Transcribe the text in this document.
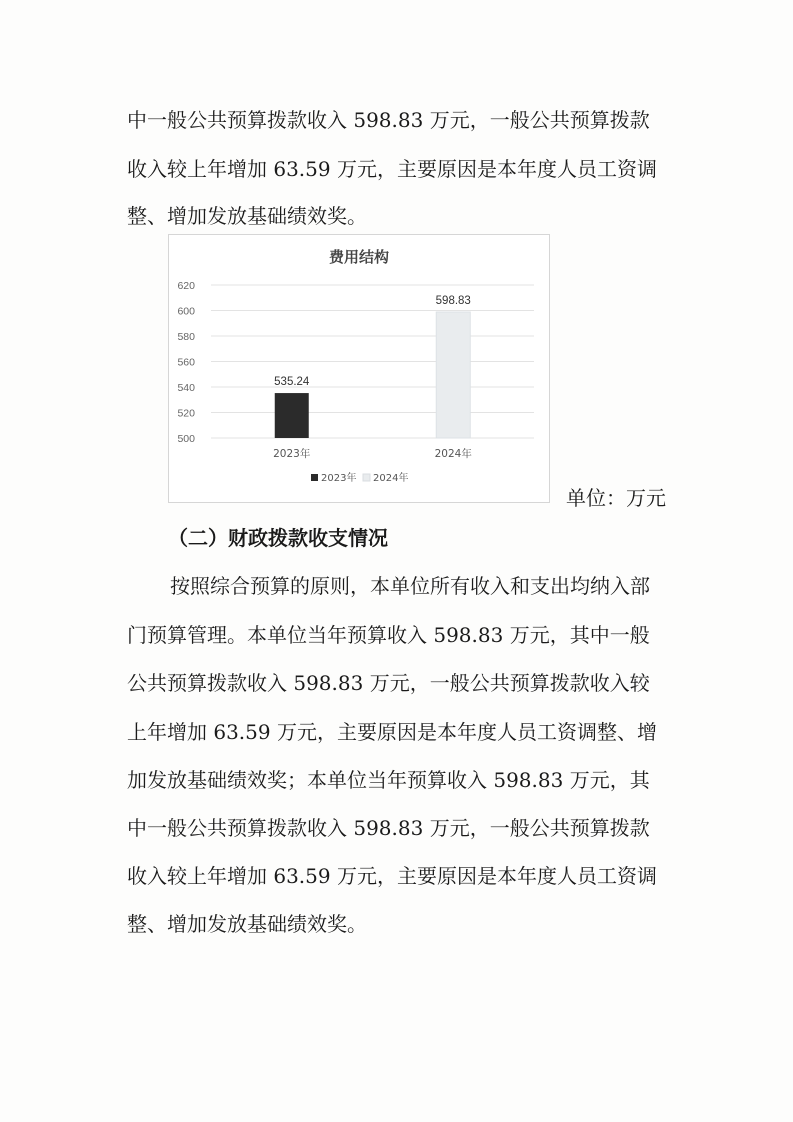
中一般公共预算拨款收入 598.83 万元，一般公共预算拨款
收入较上年增加 63.59 万元，主要原因是本年度人员工资调
整、增加发放基础绩效奖。
费用结构
500
520
540
560
580
600
620
535.24
2023年
598.83
2024年
2023年 2024年
单位：万元
（二）财政拨款收支情况
按照综合预算的原则，本单位所有收入和支出均纳入部
门预算管理。本单位当年预算收入 598.83 万元，其中一般
公共预算拨款收入 598.83 万元，一般公共预算拨款收入较
上年增加 63.59 万元，主要原因是本年度人员工资调整、增
加发放基础绩效奖；本单位当年预算收入 598.83 万元，其
中一般公共预算拨款收入 598.83 万元，一般公共预算拨款
收入较上年增加 63.59 万元，主要原因是本年度人员工资调
整、增加发放基础绩效奖。
